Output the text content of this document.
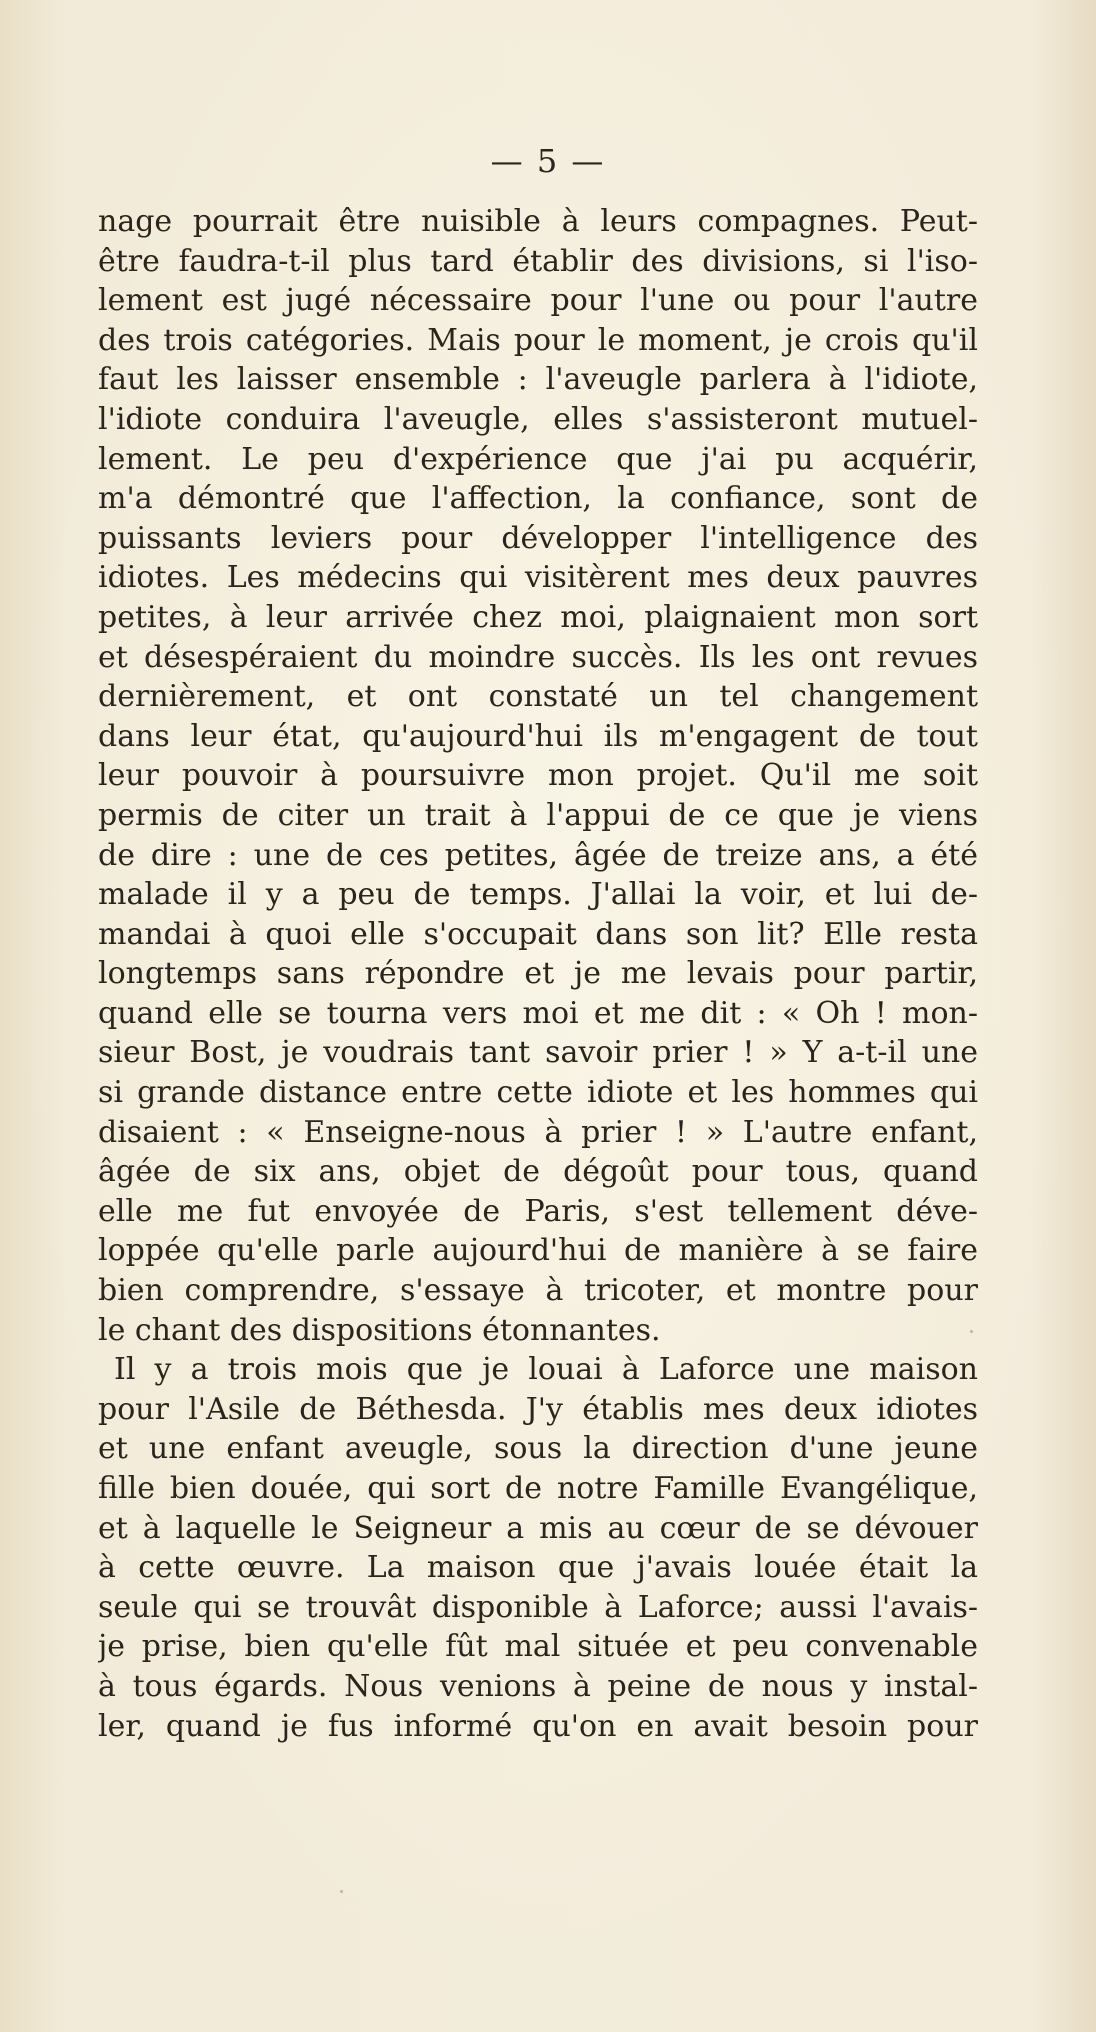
— 5 —
nage pourrait être nuisible à leurs compagnes. Peut-
être faudra-t-il plus tard établir des divisions, si l'iso-
lement est jugé nécessaire pour l'une ou pour l'autre
des trois catégories. Mais pour le moment, je crois qu'il
faut les laisser ensemble : l'aveugle parlera à l'idiote,
l'idiote conduira l'aveugle, elles s'assisteront mutuel-
lement. Le peu d'expérience que j'ai pu acquérir,
m'a démontré que l'affection, la confiance, sont de
puissants leviers pour développer l'intelligence des
idiotes. Les médecins qui visitèrent mes deux pauvres
petites, à leur arrivée chez moi, plaignaient mon sort
et désespéraient du moindre succès. Ils les ont revues
dernièrement, et ont constaté un tel changement
dans leur état, qu'aujourd'hui ils m'engagent de tout
leur pouvoir à poursuivre mon projet. Qu'il me soit
permis de citer un trait à l'appui de ce que je viens
de dire : une de ces petites, âgée de treize ans, a été
malade il y a peu de temps. J'allai la voir, et lui de-
mandai à quoi elle s'occupait dans son lit? Elle resta
longtemps sans répondre et je me levais pour partir,
quand elle se tourna vers moi et me dit : « Oh ! mon-
sieur Bost, je voudrais tant savoir prier ! » Y a-t-il une
si grande distance entre cette idiote et les hommes qui
disaient : « Enseigne-nous à prier ! » L'autre enfant,
âgée de six ans, objet de dégoût pour tous, quand
elle me fut envoyée de Paris, s'est tellement déve-
loppée qu'elle parle aujourd'hui de manière à se faire
bien comprendre, s'essaye à tricoter, et montre pour
le chant des dispositions étonnantes.
Il y a trois mois que je louai à Laforce une maison
pour l'Asile de Béthesda. J'y établis mes deux idiotes
et une enfant aveugle, sous la direction d'une jeune
fille bien douée, qui sort de notre Famille Evangélique,
et à laquelle le Seigneur a mis au cœur de se dévouer
à cette œuvre. La maison que j'avais louée était la
seule qui se trouvât disponible à Laforce; aussi l'avais-
je prise, bien qu'elle fût mal située et peu convenable
à tous égards. Nous venions à peine de nous y instal-
ler, quand je fus informé qu'on en avait besoin pour
